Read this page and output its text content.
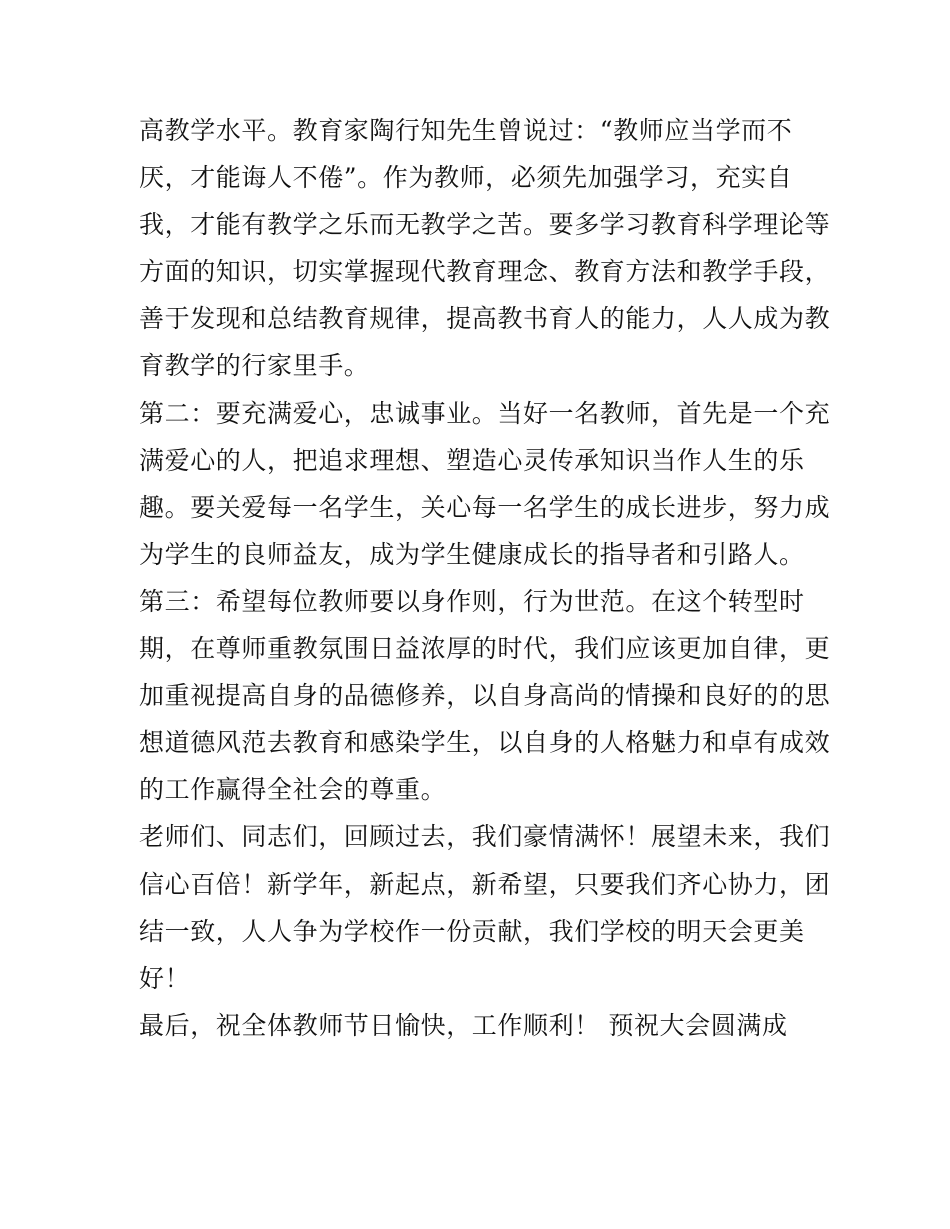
高教学水平。教育家陶行知先生曾说过：“教师应当学而不
厌，才能诲人不倦”。作为教师，必须先加强学习，充实自
我，才能有教学之乐而无教学之苦。要多学习教育科学理论等
方面的知识，切实掌握现代教育理念、教育方法和教学手段，
善于发现和总结教育规律，提高教书育人的能力，人人成为教
育教学的行家里手。
第二：要充满爱心，忠诚事业。当好一名教师，首先是一个充
满爱心的人，把追求理想、塑造心灵传承知识当作人生的乐
趣。要关爱每一名学生，关心每一名学生的成长进步，努力成
为学生的良师益友，成为学生健康成长的指导者和引路人。
第三：希望每位教师要以身作则，行为世范。在这个转型时
期，在尊师重教氛围日益浓厚的时代，我们应该更加自律，更
加重视提高自身的品德修养，以自身高尚的情操和良好的的思
想道德风范去教育和感染学生，以自身的人格魅力和卓有成效
的工作赢得全社会的尊重。
老师们、同志们，回顾过去，我们豪情满怀！展望未来，我们
信心百倍！新学年，新起点，新希望，只要我们齐心协力，团
结一致，人人争为学校作一份贡献，我们学校的明天会更美
好！
最后，祝全体教师节日愉快，工作顺利！ 预祝大会圆满成
